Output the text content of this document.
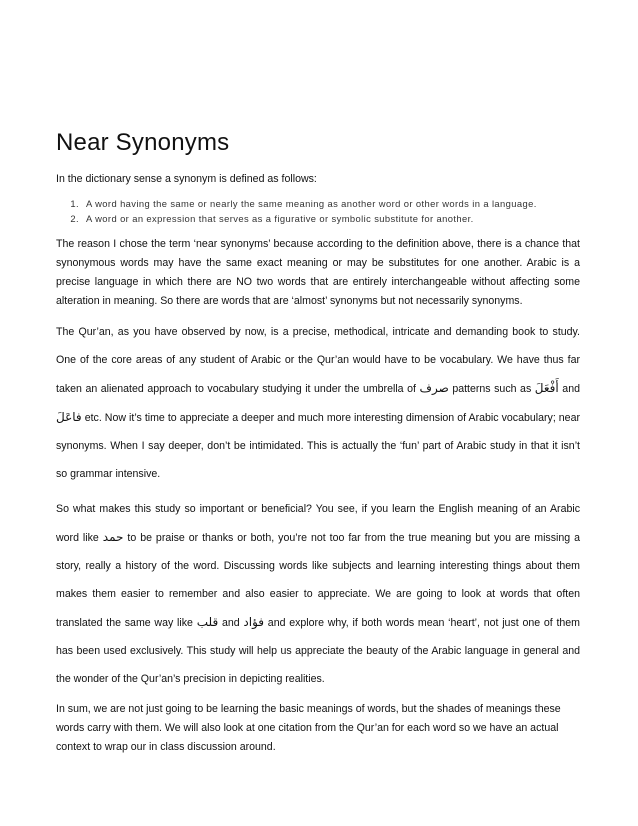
Near Synonyms

In the dictionary sense a synonym is defined as follows:

1. A word having the same or nearly the same meaning as another word or other words in a language.
2. A word or an expression that serves as a figurative or symbolic substitute for another.

The reason I chose the term ‘near synonyms’ because according to the definition above, there is a chance that synonymous words may have the same exact meaning or may be substitutes for one another. Arabic is a precise language in which there are NO two words that are entirely interchangeable without affecting some alteration in meaning. So there are words that are ‘almost’ synonyms but not necessarily synonyms.

The Qur’an, as you have observed by now, is a precise, methodical, intricate and demanding book to study. One of the core areas of any student of Arabic or the Qur’an would have to be vocabulary. We have thus far taken an alienated approach to vocabulary studying it under the umbrella of صرف patterns such as أَفْعَلَ and فاعَلَ etc. Now it’s time to appreciate a deeper and much more interesting dimension of Arabic vocabulary; near synonyms. When I say deeper, don’t be intimidated. This is actually the ‘fun’ part of Arabic study in that it isn’t so grammar intensive.

So what makes this study so important or beneficial? You see, if you learn the English meaning of an Arabic word like حمد to be praise or thanks or both, you’re not too far from the true meaning but you are missing a story, really a history of the word. Discussing words like subjects and learning interesting things about them makes them easier to remember and also easier to appreciate. We are going to look at words that often translated the same way like قلب and فؤاد and explore why, if both words mean ‘heart’, not just one of them has been used exclusively. This study will help us appreciate the beauty of the Arabic language in general and the wonder of the Qur’an’s precision in depicting realities.

In sum, we are not just going to be learning the basic meanings of words, but the shades of meanings these words carry with them. We will also look at one citation from the Qur’an for each word so we have an actual context to wrap our in class discussion around.
